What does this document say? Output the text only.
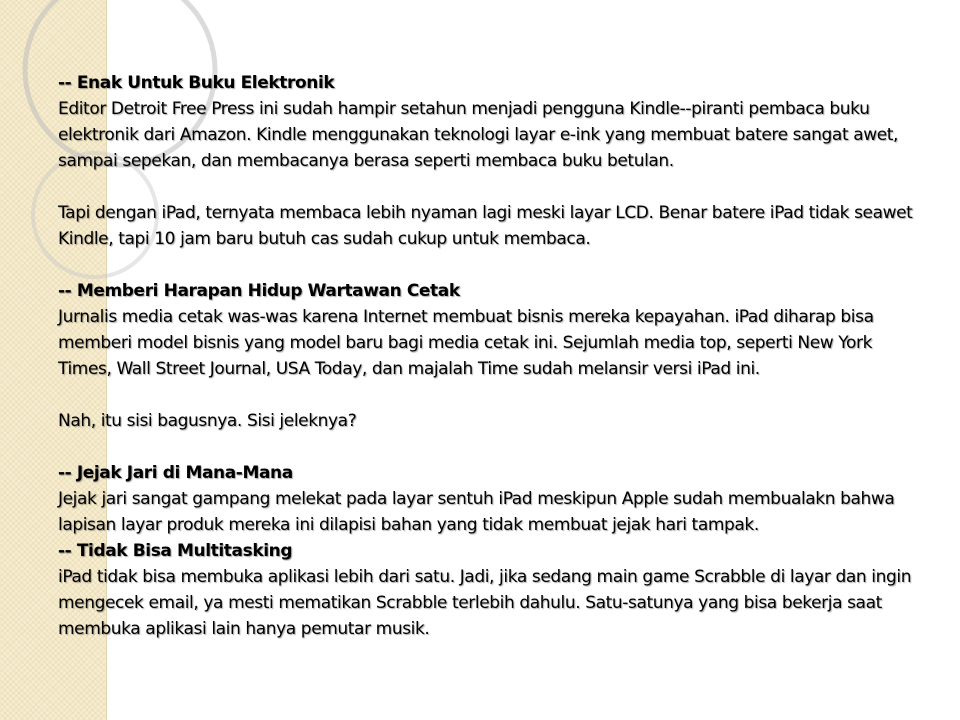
-- Enak Untuk Buku Elektronik

Editor Detroit Free Press ini sudah hampir setahun menjadi pengguna Kindle--piranti pembaca buku elektronik dari Amazon. Kindle menggunakan teknologi layar e-ink yang membuat batere sangat awet, sampai sepekan, dan membacanya berasa seperti membaca buku betulan.

Tapi dengan iPad, ternyata membaca lebih nyaman lagi meski layar LCD. Benar batere iPad tidak seawet Kindle, tapi 10 jam baru butuh cas sudah cukup untuk membaca.

-- Memberi Harapan Hidup Wartawan Cetak

Jurnalis media cetak was-was karena Internet membuat bisnis mereka kepayahan. iPad diharap bisa memberi model bisnis yang model baru bagi media cetak ini. Sejumlah media top, seperti New York Times, Wall Street Journal, USA Today, dan majalah Time sudah melansir versi iPad ini.

Nah, itu sisi bagusnya. Sisi jeleknya?

-- Jejak Jari di Mana-Mana

Jejak jari sangat gampang melekat pada layar sentuh iPad meskipun Apple sudah membualakn bahwa lapisan layar produk mereka ini dilapisi bahan yang tidak membuat jejak hari tampak.

-- Tidak Bisa Multitasking

iPad tidak bisa membuka aplikasi lebih dari satu. Jadi, jika sedang main game Scrabble di layar dan ingin mengecek email, ya mesti mematikan Scrabble terlebih dahulu. Satu-satunya yang bisa bekerja saat membuka aplikasi lain hanya pemutar musik.
